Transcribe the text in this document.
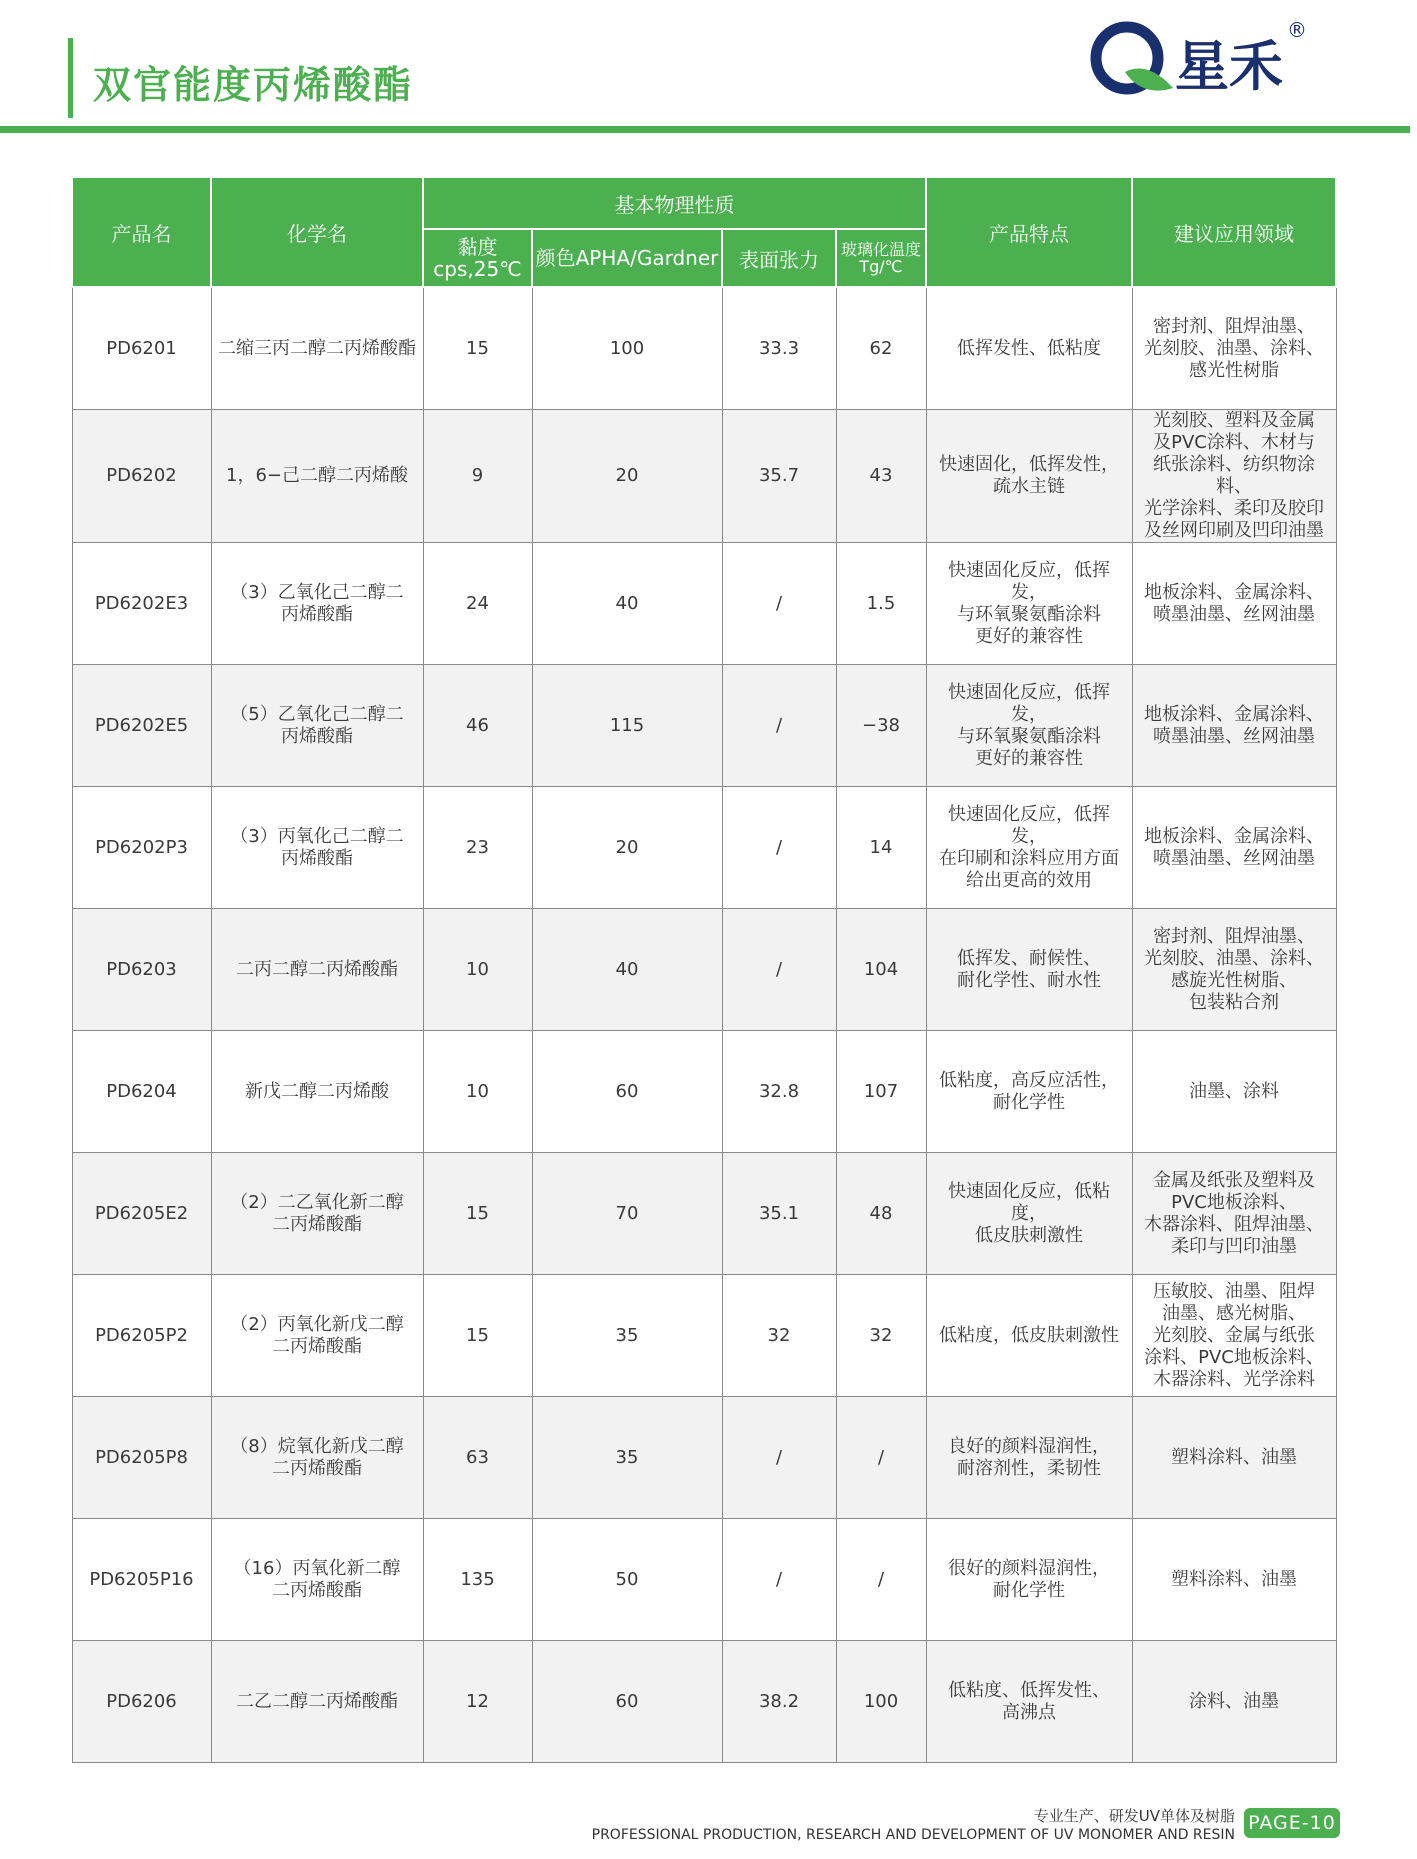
双官能度丙烯酸酯	星禾
®
产品名	化学名	基本物理性质				产品特点	建议应用领域
		黏度 cps,25℃	颜色APHA/Gardner	表面张力	玻璃化温度Tg/℃		
PD6201	二缩三丙二醇二丙烯酸酯	15	100	33.3	62	低挥发性、低粘度	密封剂、阻焊油墨、
光刻胶、油墨、涂料、
感光性树脂

PD6202	1，6−己二醇二丙烯酸	9	20	35.7	43	快速固化，低挥发性，
疏水主链	光刻胶、塑料及金属
及PVC涂料、木材与
纸张涂料、纺织物涂料、
光学涂料、柔印及胶印
及丝网印刷及凹印油墨

PD6202E3	（3）乙氧化己二醇二
丙烯酸酯	24	40	/	1.5	快速固化反应，低挥发，
与环氧聚氨酯涂料
更好的兼容性	地板涂料、金属涂料、
喷墨油墨、丝网油墨

PD6202E5	（5）乙氧化己二醇二
丙烯酸酯	46	115	/	−38	快速固化反应，低挥发，
与环氧聚氨酯涂料
更好的兼容性	地板涂料、金属涂料、
喷墨油墨、丝网油墨

PD6202P3	（3）丙氧化己二醇二
丙烯酸酯	23	20	/	14	快速固化反应，低挥发，
在印刷和涂料应用方面
给出更高的效用	地板涂料、金属涂料、
喷墨油墨、丝网油墨

PD6203	二丙二醇二丙烯酸酯	10	40	/	104	低挥发、耐候性、
耐化学性、耐水性	密封剂、阻焊油墨、
光刻胶、油墨、涂料、
感旋光性树脂、
包装粘合剂

PD6204	新戊二醇二丙烯酸	10	60	32.8	107	低粘度，高反应活性，
耐化学性	油墨、涂料

PD6205E2	（2）二乙氧化新二醇
二丙烯酸酯	15	70	35.1	48	快速固化反应，低粘度，
低皮肤刺激性	金属及纸张及塑料及
PVC地板涂料、
木器涂料、阻焊油墨、
柔印与凹印油墨

PD6205P2	（2）丙氧化新戊二醇
二丙烯酸酯	15	35	32	32	低粘度，低皮肤刺激性	压敏胶、油墨、阻焊
油墨、感光树脂、
光刻胶、金属与纸张
涂料、PVC地板涂料、
木器涂料、光学涂料

PD6205P8	（8）烷氧化新戊二醇
二丙烯酸酯	63	35	/	/	良好的颜料湿润性，
耐溶剂性，柔韧性	塑料涂料、油墨

PD6205P16	（16）丙氧化新二醇
二丙烯酸酯	135	50	/	/	很好的颜料湿润性，
耐化学性	塑料涂料、油墨

PD6206	二乙二醇二丙烯酸酯	12	60	38.2	100	低粘度、低挥发性、
高沸点	涂料、油墨
专业生产、研发UV单体及树脂
PROFESSIONAL PRODUCTION, RESEARCH AND DEVELOPMENT OF UV MONOMER AND RESIN
PAGE-10
